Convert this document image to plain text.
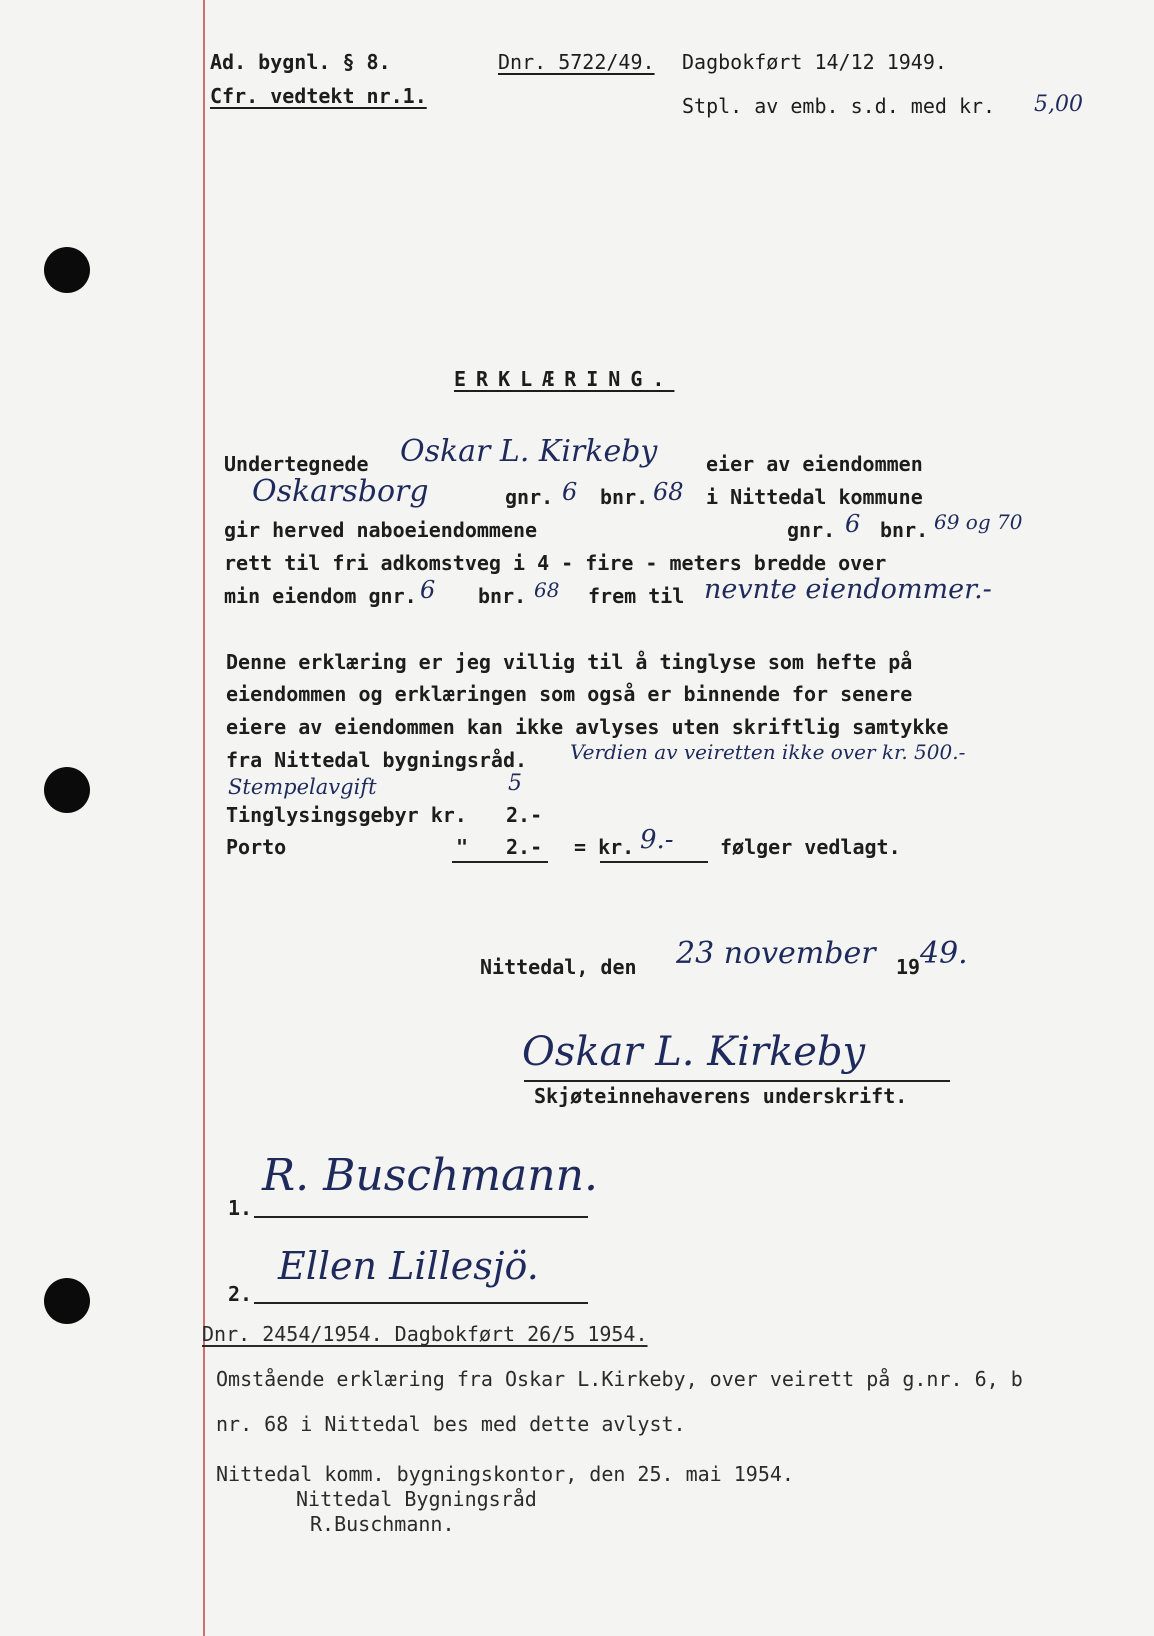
Ad. bygnl. § 8.
Cfr. vedtekt nr.1.
Dnr. 5722/49. Dagbokført 14/12 1949.
Stpl. av emb. s.d. med kr. 5,00
ERKLÆRING.
Undertegnede Oskar L. Kirkeby eier av eiendommen
Oskarsborg	gnr. 6 bnr. 68 i Nittedal kommune
gir herved naboeiendommene	gnr. 6 bnr. 69 og 70
rett til fri adkomstveg i 4 - fire - meters bredde over
min eiendom gnr. 6 bnr. 68 frem til nevnte eiendommer.-
Denne erklæring er jeg villig til å tinglyse som hefte på
eiendommen og erklæringen som også er binnende for senere
eiere av eiendommen kan ikke avlyses uten skriftlig samtykke
fra Nittedal bygningsråd. Verdien av veiretten ikke over kr. 500.-
Stempelavgift	5
Tinglysingsgebyr kr. 2.-
Porto	" 2.- = kr. 9.- følger vedlagt.
Nittedal, den 23 november 19 49.
Oskar L. Kirkeby
Skjøteinnehaverens underskrift.
1.
R. Buschmann.
2.
Ellen Lillesjö.
Dnr. 2454/1954. Dagbokført 26/5 1954.
Omstående erklæring fra Oskar L.Kirkeby, over veirett på g.nr. 6, b
nr. 68 i Nittedal bes med dette avlyst.
Nittedal komm. bygningskontor, den 25. mai 1954.
Nittedal Bygningsråd
R.Buschmann.
